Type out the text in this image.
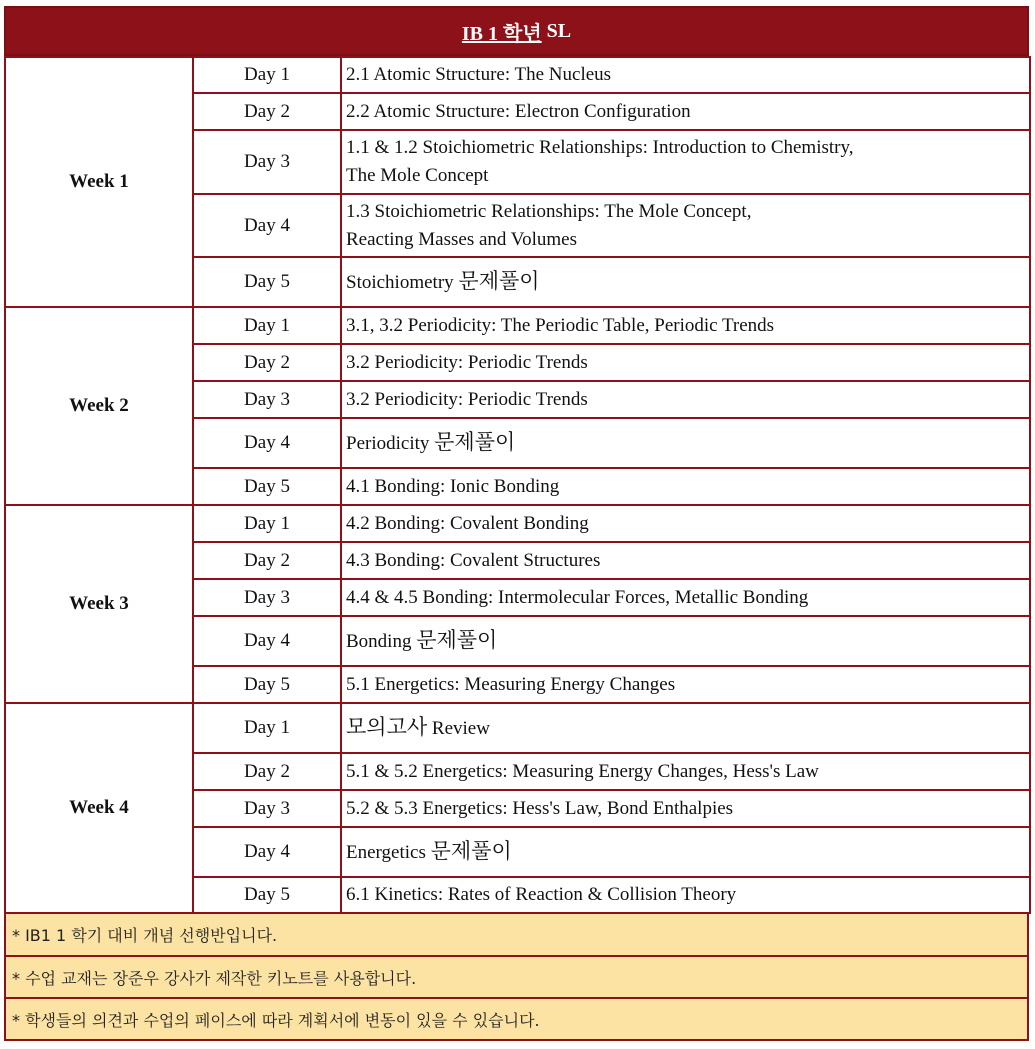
IB 1 학년 SL
Week 1	Day 1	2.1 Atomic Structure: The Nucleus
	Day 2	2.2 Atomic Structure: Electron Configuration
	Day 3	1.1 & 1.2 Stoichiometric Relationships: Introduction to Chemistry,
The Mole Concept
	Day 4	1.3 Stoichiometric Relationships: The Mole Concept,
Reacting Masses and Volumes
	Day 5	Stoichiometry 문제풀이
Week 2	Day 1	3.1, 3.2 Periodicity: The Periodic Table, Periodic Trends
	Day 2	3.2 Periodicity: Periodic Trends
	Day 3	3.2 Periodicity: Periodic Trends
	Day 4	Periodicity 문제풀이
	Day 5	4.1 Bonding: Ionic Bonding
Week 3	Day 1	4.2 Bonding: Covalent Bonding
	Day 2	4.3 Bonding: Covalent Structures
	Day 3	4.4 & 4.5 Bonding: Intermolecular Forces, Metallic Bonding
	Day 4	Bonding 문제풀이
	Day 5	5.1 Energetics: Measuring Energy Changes
Week 4	Day 1	모의고사 Review
	Day 2	5.1 & 5.2 Energetics: Measuring Energy Changes, Hess's Law
	Day 3	5.2 & 5.3 Energetics: Hess's Law, Bond Enthalpies
	Day 4	Energetics 문제풀이
	Day 5	6.1 Kinetics: Rates of Reaction & Collision Theory
* IB1 1 학기 대비 개념 선행반입니다.
* 수업 교재는 장준우 강사가 제작한 키노트를 사용합니다.
* 학생들의 의견과 수업의 페이스에 따라 계획서에 변동이 있을 수 있습니다.
